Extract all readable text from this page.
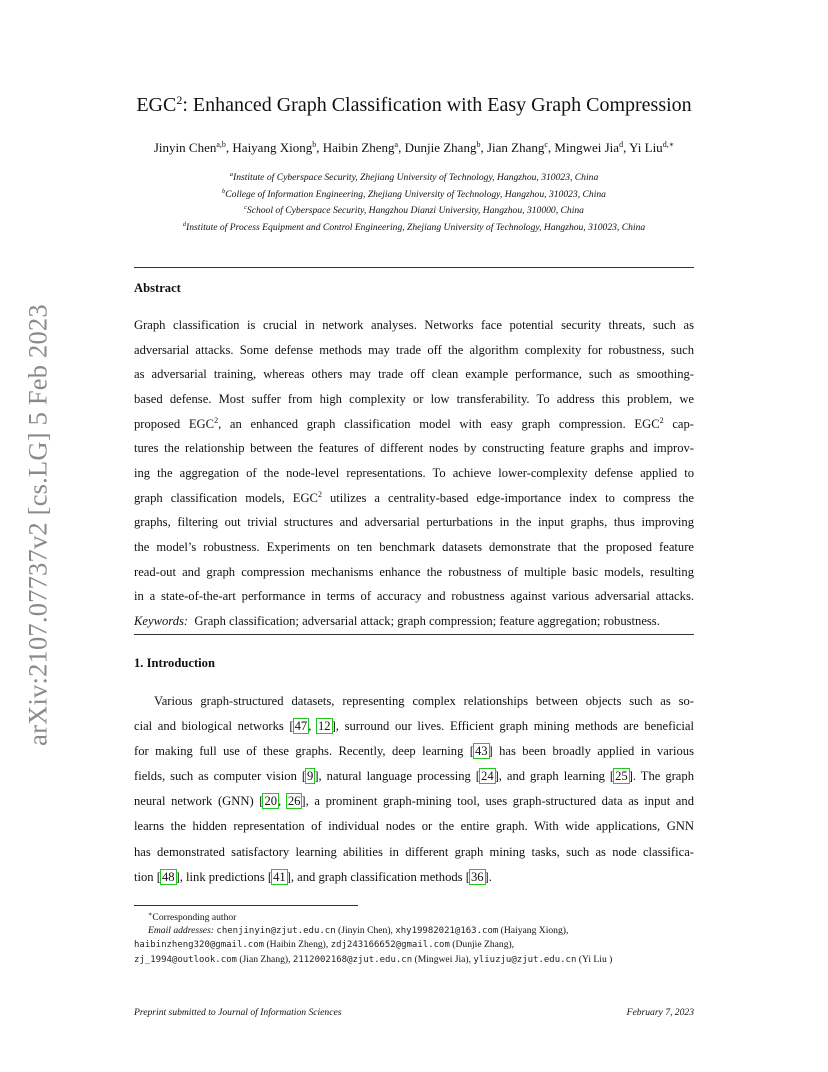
arXiv:2107.07737v2 [cs.LG] 5 Feb 2023
EGC$^2$: Enhanced Graph Classification with Easy Graph Compression
Jinyin Chen$^{a,b}$, Haiyang Xiong$^b$, Haibin Zheng$^a$, Dunjie Zhang$^b$, Jian Zhang$^c$, Mingwei Jia$^d$, Yi Liu$^{d,∗}$
$^a$Institute of Cyberspace Security, Zhejiang University of Technology, Hangzhou, 310023, China
$^b$College of Information Engineering, Zhejiang University of Technology, Hangzhou, 310023, China
$^c$School of Cyberspace Security, Hangzhou Dianzi University, Hangzhou, 310000, China
$^d$Institute of Process Equipment and Control Engineering, Zhejiang University of Technology, Hangzhou, 310023, China
Abstract
Graph classification is crucial in network analyses. Networks face potential security threats, such as
adversarial attacks. Some defense methods may trade off the algorithm complexity for robustness, such
as adversarial training, whereas others may trade off clean example performance, such as smoothing-
based defense. Most suffer from high complexity or low transferability. To address this problem, we
proposed EGC$^2$, an enhanced graph classification model with easy graph compression. EGC$^2$ cap-
tures the relationship between the features of different nodes by constructing feature graphs and improv-
ing the aggregation of the node-level representations. To achieve lower-complexity defense applied to
graph classification models, EGC$^2$ utilizes a centrality-based edge-importance index to compress the
graphs, filtering out trivial structures and adversarial perturbations in the input graphs, thus improving
the model’s robustness. Experiments on ten benchmark datasets demonstrate that the proposed feature
read-out and graph compression mechanisms enhance the robustness of multiple basic models, resulting
in a state-of-the-art performance in terms of accuracy and robustness against various adversarial attacks.
Keywords: Graph classification; adversarial attack; graph compression; feature aggregation; robustness.
1. Introduction
Various graph-structured datasets, representing complex relationships between objects such as so-
cial and biological networks [47, 12], surround our lives. Efficient graph mining methods are beneficial
for making full use of these graphs. Recently, deep learning [43] has been broadly applied in various
fields, such as computer vision [9], natural language processing [24], and graph learning [25]. The graph
neural network (GNN) [20, 26], a prominent graph-mining tool, uses graph-structured data as input and
learns the hidden representation of individual nodes or the entire graph. With wide applications, GNN
has demonstrated satisfactory learning abilities in different graph mining tasks, such as node classifica-
tion [48], link predictions [41], and graph classification methods [36].
∗Corresponding author
Email addresses: chenjinyin@zjut.edu.cn (Jinyin Chen), xhy19982021@163.com (Haiyang Xiong),
haibinzheng320@gmail.com (Haibin Zheng), zdj243166652@gmail.com (Dunjie Zhang),
zj_1994@outlook.com (Jian Zhang), 2112002168@zjut.edu.cn (Mingwei Jia), yliuzju@zjut.edu.cn (Yi Liu )
Preprint submitted to Journal of Information Sciences	February 7, 2023
